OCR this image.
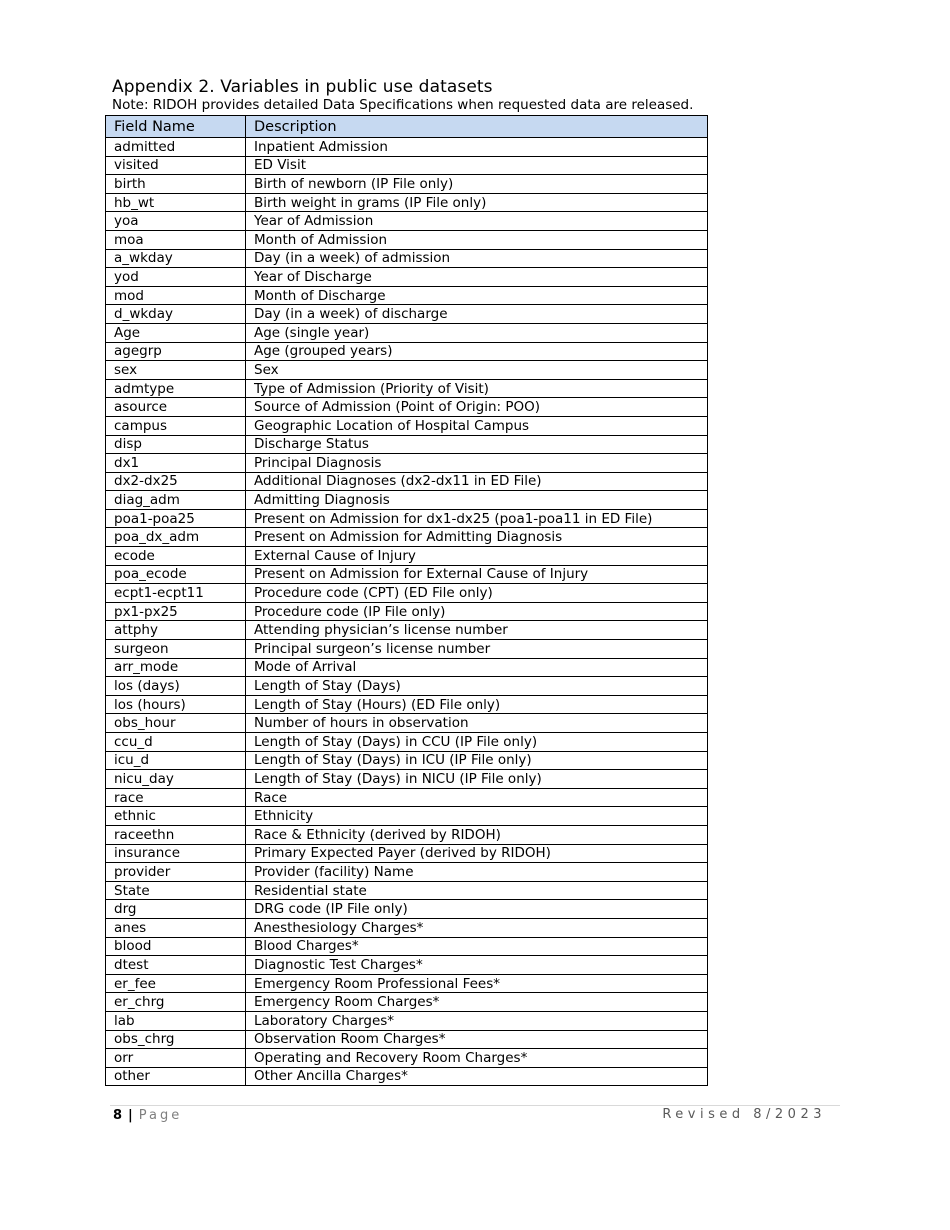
Appendix 2. Variables in public use datasets
Note: RIDOH provides detailed Data Specifications when requested data are released.
Field Name	Description
admitted	Inpatient Admission
visited	ED Visit
birth	Birth of newborn (IP File only)
hb_wt	Birth weight in grams (IP File only)
yoa	Year of Admission
moa	Month of Admission
a_wkday	Day (in a week) of admission
yod	Year of Discharge
mod	Month of Discharge
d_wkday	Day (in a week) of discharge
Age	Age (single year)
agegrp	Age (grouped years)
sex	Sex
admtype	Type of Admission (Priority of Visit)
asource	Source of Admission (Point of Origin: POO)
campus	Geographic Location of Hospital Campus
disp	Discharge Status
dx1	Principal Diagnosis
dx2-dx25	Additional Diagnoses (dx2-dx11 in ED File)
diag_adm	Admitting Diagnosis
poa1-poa25	Present on Admission for dx1-dx25 (poa1-poa11 in ED File)
poa_dx_adm	Present on Admission for Admitting Diagnosis
ecode	External Cause of Injury
poa_ecode	Present on Admission for External Cause of Injury
ecpt1-ecpt11	Procedure code (CPT) (ED File only)
px1-px25	Procedure code (IP File only)
attphy	Attending physician’s license number
surgeon	Principal surgeon’s license number
arr_mode	Mode of Arrival
los (days)	Length of Stay (Days)
los (hours)	Length of Stay (Hours) (ED File only)
obs_hour	Number of hours in observation
ccu_d	Length of Stay (Days) in CCU (IP File only)
icu_d	Length of Stay (Days) in ICU (IP File only)
nicu_day	Length of Stay (Days) in NICU (IP File only)
race	Race
ethnic	Ethnicity
raceethn	Race & Ethnicity (derived by RIDOH)
insurance	Primary Expected Payer (derived by RIDOH)
provider	Provider (facility) Name
State	Residential state
drg	DRG code (IP File only)
anes	Anesthesiology Charges*
blood	Blood Charges*
dtest	Diagnostic Test Charges*
er_fee	Emergency Room Professional Fees*
er_chrg	Emergency Room Charges*
lab	Laboratory Charges*
obs_chrg	Observation Room Charges*
orr	Operating and Recovery Room Charges*
other	Other Ancilla Charges*
8 | Page	Revised 8/2023
